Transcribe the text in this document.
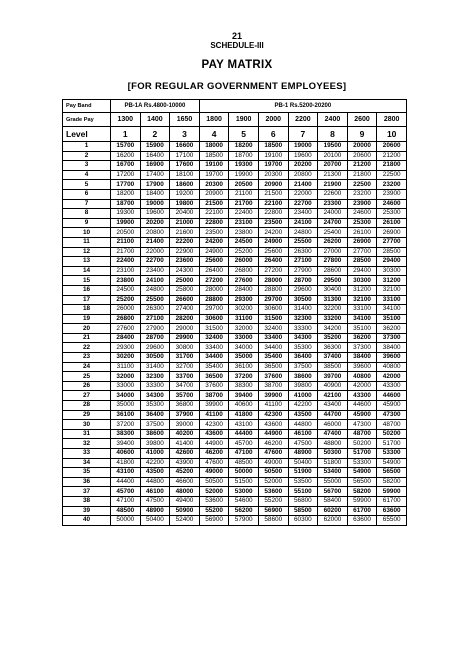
21
SCHEDULE-III
PAY MATRIX
[FOR REGULAR GOVERNMENT EMPLOYEES]
Pay Band	PB-1A Rs.4800-10000			PB-1 Rs.5200-20200						
Grade Pay	1300	1400	1650	1800	1900	2000	2200	2400	2600	2800
Level	1	2	3	4	5	6	7	8	9	10
1	15700	15900	16600	18000	18200	18500	19000	19500	20000	20600
2	16200	16400	17100	18500	18700	19100	19600	20100	20600	21200
3	16700	16900	17600	19100	19300	19700	20200	20700	21200	21800
4	17200	17400	18100	19700	19900	20300	20800	21300	21800	22500
5	17700	17900	18600	20300	20500	20900	21400	21900	22500	23200
6	18200	18400	19200	20900	21100	21500	22000	22600	23200	23900
7	18700	19000	19800	21500	21700	22100	22700	23300	23900	24600
8	19300	19600	20400	22100	22400	22800	23400	24000	24600	25300
9	19900	20200	21000	22800	23100	23500	24100	24700	25300	26100
10	20500	20800	21600	23500	23800	24200	24800	25400	26100	26900
11	21100	21400	22200	24200	24500	24900	25500	26200	26900	27700
12	21700	22000	22900	24900	25200	25600	26300	27000	27700	28500
13	22400	22700	23600	25600	26000	26400	27100	27800	28500	29400
14	23100	23400	24300	26400	26800	27200	27900	28600	29400	30300
15	23800	24100	25000	27200	27600	28000	28700	29500	30300	31200
16	24500	24800	25800	28000	28400	28800	29600	30400	31200	32100
17	25200	25500	26600	28800	29300	29700	30500	31300	32100	33100
18	26000	26300	27400	29700	30200	30600	31400	32200	33100	34100
19	26800	27100	28200	30600	31100	31500	32300	33200	34100	35100
20	27600	27900	29000	31500	32000	32400	33300	34200	35100	36200
21	28400	28700	29900	32400	33000	33400	34300	35200	36200	37300
22	29300	29600	30800	33400	34000	34400	35300	36300	37300	38400
23	30200	30500	31700	34400	35000	35400	36400	37400	38400	39600
24	31100	31400	32700	35400	36100	36500	37500	38500	39600	40800
25	32000	32300	33700	36500	37200	37600	38600	39700	40800	42000
26	33000	33300	34700	37600	38300	38700	39800	40900	42000	43300
27	34000	34300	35700	38700	39400	39900	41000	42100	43300	44600
28	35000	35300	36800	39900	40600	41100	42200	43400	44600	45900
29	36100	36400	37900	41100	41800	42300	43500	44700	45900	47300
30	37200	37500	39000	42300	43100	43600	44800	46000	47300	48700
31	38300	38600	40200	43600	44400	44900	46100	47400	48700	50200
32	39400	39800	41400	44900	45700	46200	47500	48800	50200	51700
33	40600	41000	42600	46200	47100	47600	48900	50300	51700	53300
34	41800	42200	43900	47600	48500	49000	50400	51800	53300	54900
35	43100	43500	45200	49000	50000	50500	51900	53400	54900	56500
36	44400	44800	46600	50500	51500	52000	53500	55000	56500	58200
37	45700	46100	48000	52000	53000	53600	55100	56700	58200	59900
38	47100	47500	49400	53600	54600	55200	56800	58400	59900	61700
39	48500	48900	50900	55200	56200	56900	58500	60200	61700	63600
40	50000	50400	52400	56900	57900	58600	60300	62000	63600	65500
